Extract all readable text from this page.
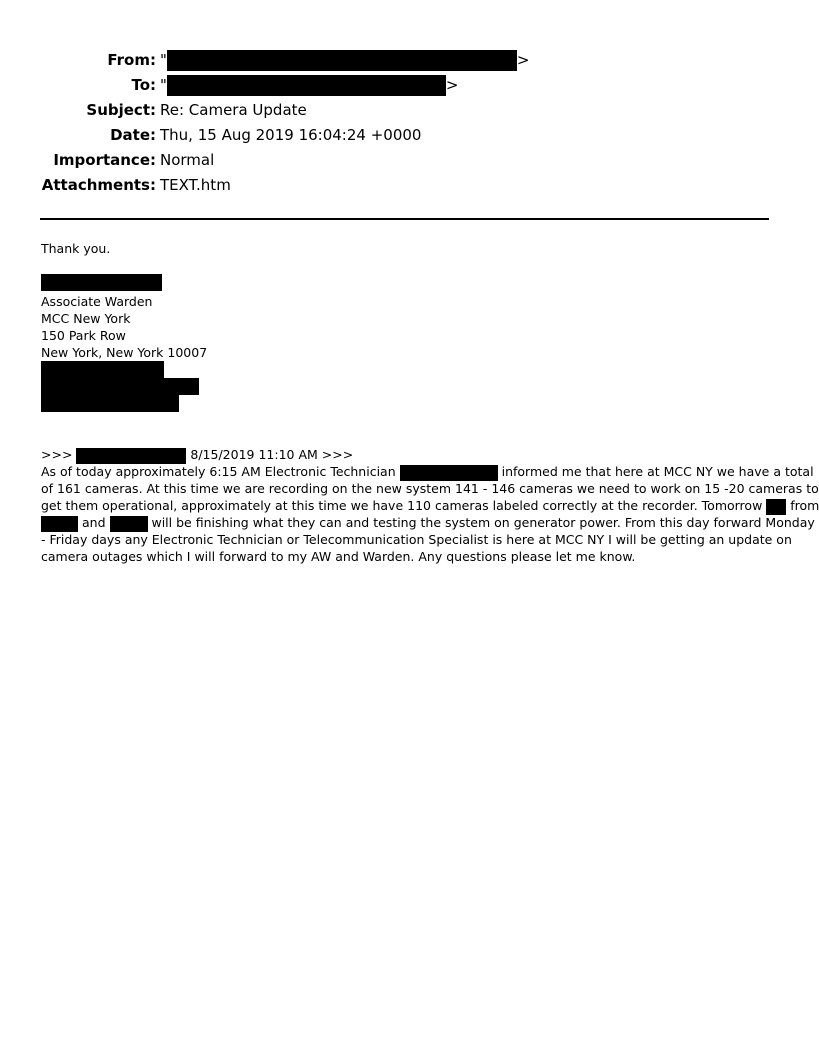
From: "	>
To: "	>
Subject: Re: Camera Update
Date: Thu, 15 Aug 2019 16:04:24 +0000
Importance: Normal
Attachments: TEXT.htm
Thank you.
Associate Warden
MCC New York
150 Park Row
New York, New York 10007
>>>	8/15/2019 11:10 AM >>>
As of today approximately 6:15 AM Electronic Technician	informed me that here at MCC NY we have a total
of 161 cameras. At this time we are recording on the new system 141 - 146 cameras we need to work on 15 -20 cameras to
get them operational, approximately at this time we have 110 cameras labeled correctly at the recorder. Tomorrow from
and	will be finishing what they can and testing the system on generator power. From this day forward Monday
- Friday days any Electronic Technician or Telecommunication Specialist is here at MCC NY I will be getting an update on
camera outages which I will forward to my AW and Warden. Any questions please let me know.
